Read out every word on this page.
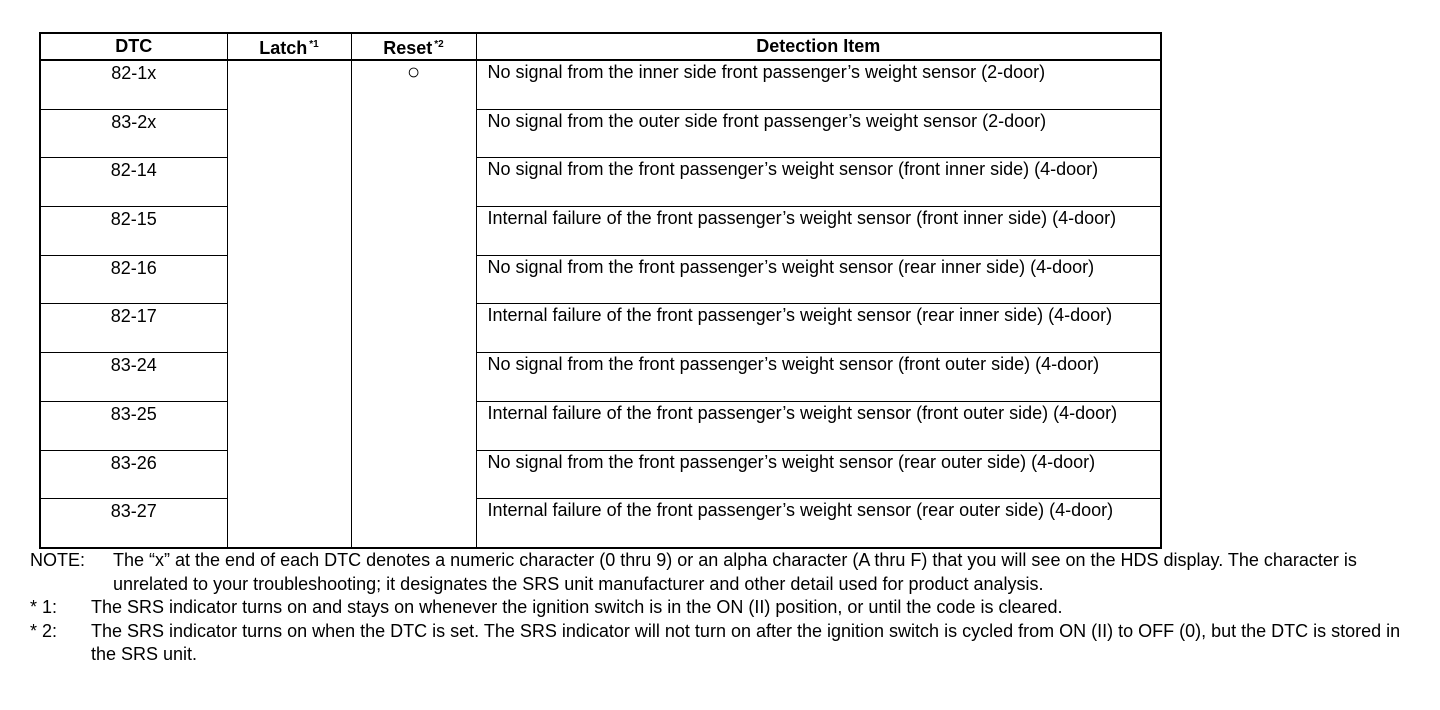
DTC	Latch $^{*1}$	Reset $^{*2}$	Detection Item
82-1x		○	No signal from the inner side front passenger’s weight sensor (2-door)
83-2x			No signal from the outer side front passenger’s weight sensor (2-door)
82-14			No signal from the front passenger’s weight sensor (front inner side) (4-door)
82-15			Internal failure of the front passenger’s weight sensor (front inner side) (4-door)
82-16			No signal from the front passenger’s weight sensor (rear inner side) (4-door)
82-17			Internal failure of the front passenger’s weight sensor (rear inner side) (4-door)
83-24			No signal from the front passenger’s weight sensor (front outer side) (4-door)
83-25			Internal failure of the front passenger’s weight sensor (front outer side) (4-door)
83-26			No signal from the front passenger’s weight sensor (rear outer side) (4-door)
83-27			Internal failure of the front passenger’s weight sensor (rear outer side) (4-door)
NOTE:	The “x” at the end of each DTC denotes a numeric character (0 thru 9) or an alpha character (A thru F) that you will see on the HDS display. The character is unrelated to your troubleshooting; it designates the SRS unit manufacturer and other detail used for product analysis.
* 1:	The SRS indicator turns on and stays on whenever the ignition switch is in the ON (II) position, or until the code is cleared.
* 2:	The SRS indicator turns on when the DTC is set. The SRS indicator will not turn on after the ignition switch is cycled from ON (II) to OFF (0), but the DTC is stored in the SRS unit.
